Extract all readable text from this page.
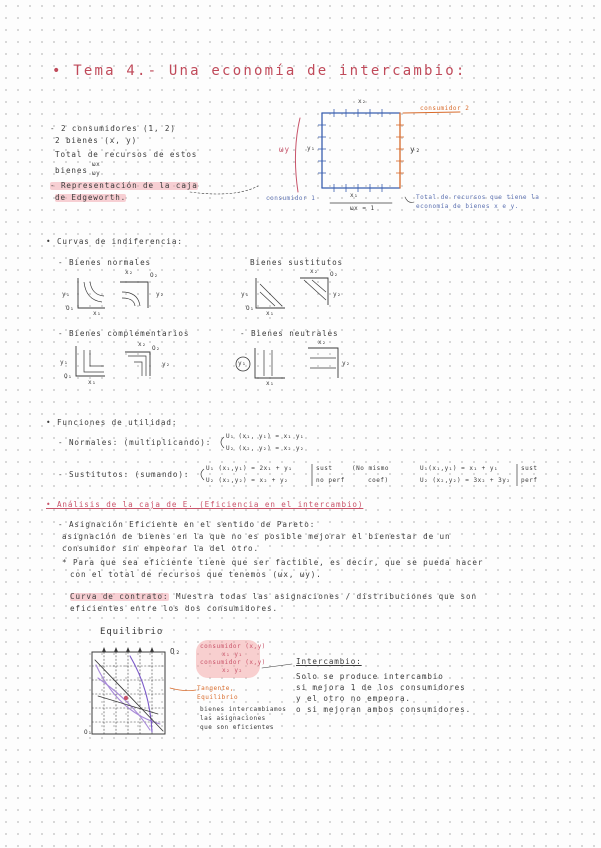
• Tema 4.- Una economía de intercambio:
- 2 consumidores (1, 2)
2 bienes (x, y)
Total de recursos de estos
bienes
ωx
ωy
- Representación de la caja
de Edgeworth.
x₂
consumidor 2
ωy	y₁	y₂
consumidor 1	x₁
ωx = 1
Total de recursos que tiene la
economía de bienes x e y.
• Curvas de indiferencia:
- Bienes normales	Bienes sustitutos
- Bienes complementarios	- Bienes neutrales
y₁
x₁
O₁
x₂	O₂
y₂	y₁
x₁
O₁
x₂ O₂
y₂
y₁
x₁
O₁
x₂
O₂
y₂	y₁
x₁
x₂
y₂
• Funciones de utilidad:
- Normales: (multiplicando):
U₁ (x₁, y₁) = x₁ y₁
U₂ (x₂, y₂) = x₂ y₂
- Sustitutos: (sumando):
U₁ (x₁,y₁) = 2x₁ + y₁
U₂ (x₂,y₂) = x₂ + y₂
sust
no perf
(No mismo
coef)
U₁(x₁,y₁) = x₁ + y₁
U₂ (x₂,y₂) = 3x₂ + 3y₂
sust
perf
• Análisis de la caja de E. (Eficiencia en el intercambio)
- Asignación Eficiente en el sentido de Pareto:
asignación de bienes en la que no es posible mejorar el bienestar de un
consumidor sin empeorar la del otro.
* Para que sea eficiente tiene que ser factible, es decir, que se pueda hacer
con el total de recursos que tenemos (ωx, ωy).
Curva de contrato: Muestra todas las asignaciones / distribuciones que son
eficientes entre los dos consumidores.
Equilibrio
O₁
O₂
consumidor (x,y)
x₁ y₁
consumidor (x,y)
x₂ y₂
Tangente,
Equilibrio
bienes intercambiamos
las asignaciones
que son eficientes
Intercambio:
Solo se produce intercambio
si mejora 1 de los consumidores
y el otro no empeora.
o si mejoran ambos consumidores.
